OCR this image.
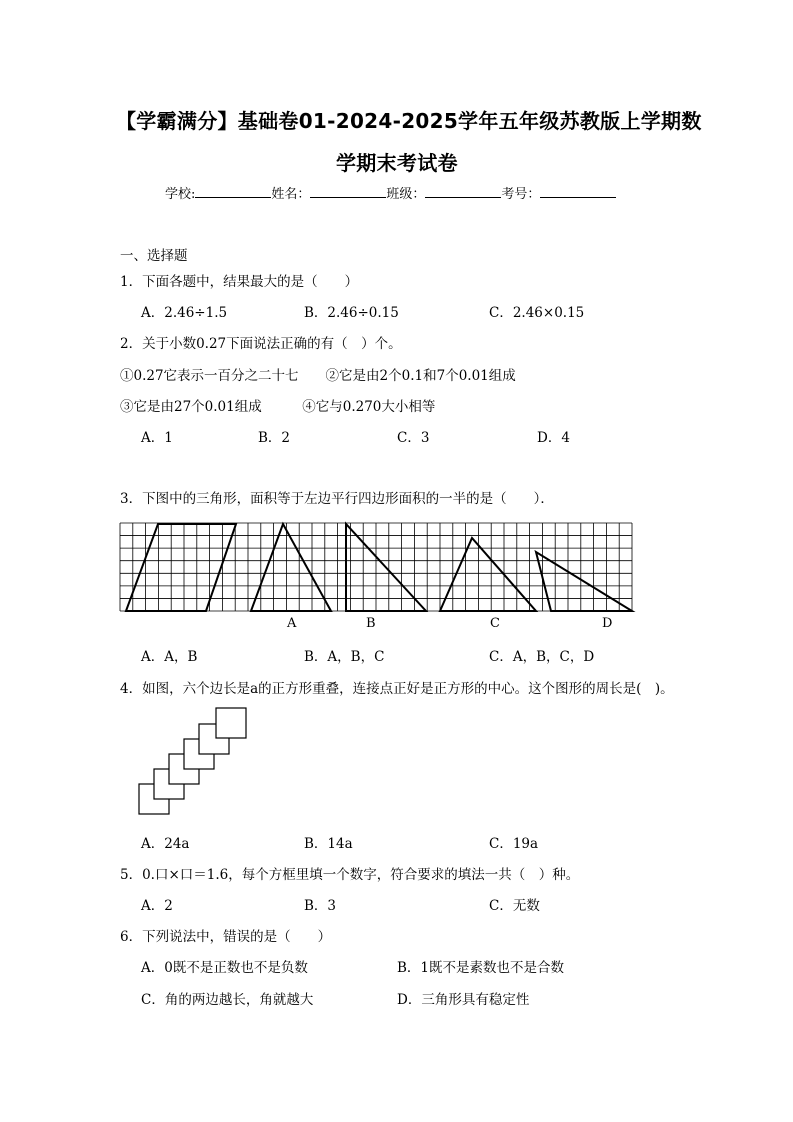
【学霸满分】基础卷01-2024-2025学年五年级苏教版上学期数
学期末考试卷
学校:	姓名：	班级：	考号：
一、选择题
1．下面各题中，结果最大的是（　　）
A．2.46÷1.5	B．2.46÷0.15	C．2.46×0.15
2．关于小数0.27下面说法正确的有（　）个。
①0.27它表示一百分之二十七　　②它是由2个0.1和7个0.01组成
③它是由27个0.01组成　　　④它与0.270大小相等
A．1	B．2	C．3	D．4
3．下图中的三角形，面积等于左边平行四边形面积的一半的是（　　）．
A	B	C	D
A．A，B	B．A，B，C	C．A，B，C，D
4．如图，六个边长是a的正方形重叠，连接点正好是正方形的中心。这个图形的周长是(　)。
A．24a	B．14a	C．19a
5．0.口×口＝1.6，每个方框里填一个数字，符合要求的填法一共（　）种。
A．2	B．3	C．无数
6．下列说法中，错误的是（　　）
A．0既不是正数也不是负数	B．1既不是素数也不是合数
C．角的两边越长，角就越大	D．三角形具有稳定性
